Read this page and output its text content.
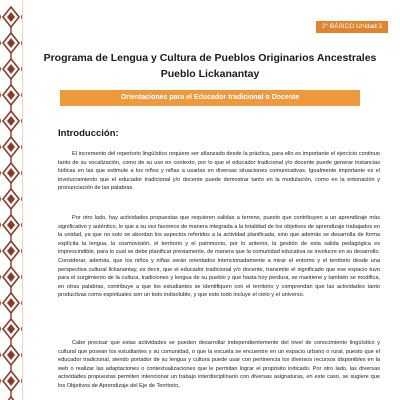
2° BÁSICO Unidad 2
Programa de Lengua y Cultura de Pueblos Originarios Ancestrales
Pueblo Lickanantay
Orientaciones para el Educador tradicional o Docente
Introducción:

El incremento del repertorio lingüístico requiere ser afianzado desde la práctica, para ello es importante el ejercicio continuo tanto de su vocalización, como de su uso en contexto, por lo que el educador tradicional y/o docente puede generar instancias lúdicas en las que estimule a los niños y niñas a usarlas en diversas situaciones comunicativas. Igualmente importante es el involucramiento que el educador tradicional y/o docente puede demostrar tanto en la modulación, como en la entonación y pronunciación de las palabras.

Por otro lado, hay actividades propuestas que requieren salidas a terreno, puesto que contribuyen a un aprendizaje más significativo y auténtico, lo que a su vez favorece de manera integrada a la totalidad de los objetivos de aprendizaje trabajados en la unidad, ya que no solo se abordan los aspectos referidos a la actividad planificada, sino que además se desarrolla de forma explícita la lengua, la cosmovisión, el territorio y el patrimonio, por lo anterior, la gestión de esta salida pedagógica es imprescindible, para lo cual se debe planificar previamente, de manera que la comunidad educativa se involucre en su desarrollo. Considerar, además, que los niños y niñas serán orientados intencionadamente a mirar el entorno y el territorio desde una perspectiva cultural lickanantay, es decir, que el educador tradicional y/o docente, transmite el significado que ese espacio tuvo para el surgimiento de la cultura, tradiciones y lengua de su pueblo y que hasta hoy perdura, se mantiene y también se modifica, en otras palabras, contribuye a que los estudiantes se identifiquen con el territorio y comprendan que las actividades tanto productivas como espirituales son un todo indisoluble, y que esto todo incluye el cielo y el universo.

Cabe precisar que estas actividades se pueden desarrollar independientemente del nivel de conocimiento lingüístico y cultural que posean los estudiantes y su comunidad, o que la escuela se encuentre en un espacio urbano o rural, puesto que el educador tradicional, siendo portador de su lengua y cultura puede usar con pertinencia los diversos recursos disponibles en la web o realizar las adaptaciones o contextualizaciones que le permitan lograr el propósito indicado. Por otro lado, las diversas actividades propuestas permiten intencionar un trabajo interdisciplinario con diversas asignaturas, en este caso, se sugiere que los Objetivos de Aprendizaje del Eje de Territorio,
